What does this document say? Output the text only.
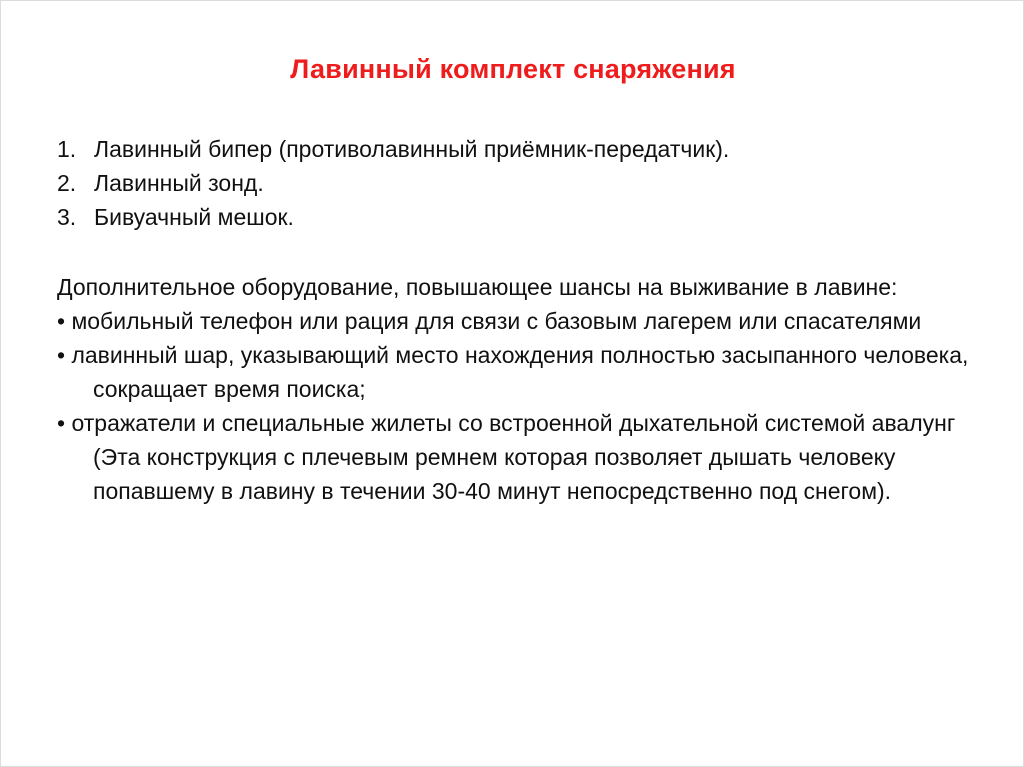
Лавинный комплект снаряжения
1. Лавинный бипер (противолавинный приёмник-передатчик).
2. Лавинный зонд.
3. Бивуачный мешок.

Дополнительное оборудование, повышающее шансы на выживание в лавине:

• мобильный телефон или рация для связи с базовым лагерем или спасателями
• лавинный шар, указывающий место нахождения полностью засыпанного человека, сокращает время поиска;
• отражатели и специальные жилеты со встроенной дыхательной системой авалунг (Эта конструкция с плечевым ремнем которая позволяет дышать человеку попавшему в лавину в течении 30-40 минут непосредственно под снегом).
